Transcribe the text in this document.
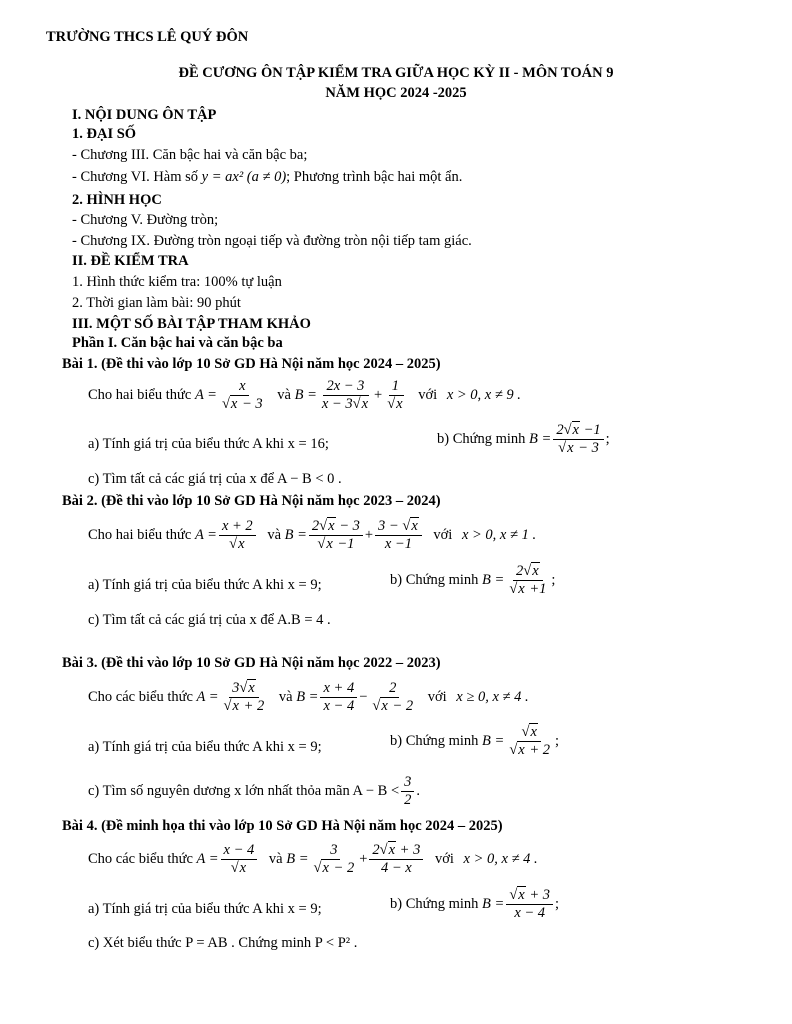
TRƯỜNG THCS LÊ QUÝ ĐÔN
ĐỀ CƯƠNG ÔN TẬP KIỂM TRA GIỮA HỌC KỲ II - MÔN TOÁN 9
NĂM HỌC 2024 -2025
I. NỘI DUNG ÔN TẬP
1. ĐẠI SỐ
- Chương III. Căn bậc hai và căn bậc ba;
- Chương VI. Hàm số y = ax² (a ≠ 0); Phương trình bậc hai một ẩn.
2. HÌNH HỌC
- Chương V. Đường tròn;
- Chương IX. Đường tròn ngoại tiếp và đường tròn nội tiếp tam giác.
II. ĐỀ KIỂM TRA
1. Hình thức kiểm tra: 100% tự luận
2. Thời gian làm bài: 90 phút
III. MỘT SỐ BÀI TẬP THAM KHẢO
Phần I. Căn bậc hai và căn bậc ba
Bài 1. (Đề thi vào lớp 10 Sở GD Hà Nội năm học 2024 – 2025)
Cho hai biểu thức $A = \frac{x}{√x - 3}$ và $B = \frac{2x - 3}{x - 3√x} + \frac{1}{√x}$ với x > 0, x ≠ 9 .
a) Tính giá trị của biểu thức A khi x = 16;	b) Chứng minh $B = \frac{2√x -1}{√x - 3}$ ;
c) Tìm tất cả các giá trị của x để A − B < 0 .
Bài 2. (Đề thi vào lớp 10 Sở GD Hà Nội năm học 2023 – 2024)
Cho hai biểu thức $A = \frac{x + 2}{√x}$ và $B = \frac{2√x - 3}{√x -1} + \frac{3 - √x}{x -1}$ với x > 0, x ≠ 1 .
a) Tính giá trị của biểu thức A khi x = 9;	b) Chứng minh $B = \frac{2√x}{√x +1}$ ;
c) Tìm tất cả các giá trị của x để A.B = 4 .
Bài 3. (Đề thi vào lớp 10 Sở GD Hà Nội năm học 2022 – 2023)
Cho các biểu thức $A = \frac{3√x}{√x + 2}$ và $B = \frac{x + 4}{x - 4} - \frac{2}{√x - 2}$ với x ≥ 0, x ≠ 4 .
a) Tính giá trị của biểu thức A khi x = 9;	b) Chứng minh $B = \frac{√x}{√x + 2}$ ;
c) Tìm số nguyên dương x lớn nhất thỏa mãn $A - B < \frac{3}{2}$ .
Bài 4. (Đề minh họa thi vào lớp 10 Sở GD Hà Nội năm học 2024 – 2025)
Cho các biểu thức $A = \frac{x - 4}{√x}$ và $B = \frac{3}{√x - 2} + \frac{2√x + 3}{4 - x}$ với x > 0, x ≠ 4 .
a) Tính giá trị của biểu thức A khi x = 9;	b) Chứng minh $B = \frac{√x + 3}{x - 4}$ ;
c) Xét biểu thức P = AB . Chứng minh P < P² .
